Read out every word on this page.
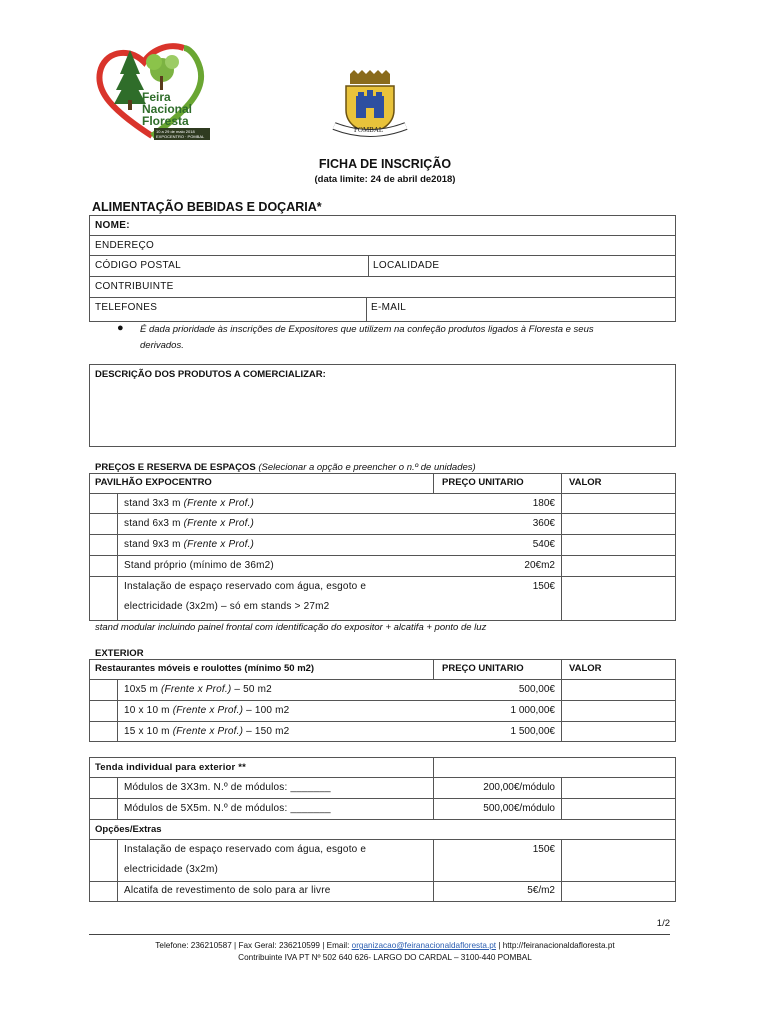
Feira
Nacional
Floresta
10 a 29 de maio 2018
EXPOCENTRO · POMBAL
POMBAL
FICHA DE INSCRIÇÃO
(data limite: 24 de abril de2018)
ALIMENTAÇÃO BEBIDAS E DOÇARIA*
NOME:
ENDEREÇO
CÓDIGO POSTAL	LOCALIDADE
CONTRIBUINTE
TELEFONES	E-MAIL
● É dada prioridade às inscrições de Expositores que utilizem na confeção produtos ligados à Floresta e seus
derivados.
DESCRIÇÃO DOS PRODUTOS A COMERCIALIZAR:
PREÇOS E RESERVA DE ESPAÇOS (Selecionar a opção e preencher o n.º de unidades)
PAVILHÃO EXPOCENTRO	PREÇO UNITARIO	VALOR
stand 3x3 m (Frente x Prof.)	180€
stand 6x3 m (Frente x Prof.)	360€
stand 9x3 m (Frente x Prof.)	540€
Stand próprio (mínimo de 36m2)	20€m2
Instalação de espaço reservado com água, esgoto e
electricidade (3x2m) – só em stands > 27m2
150€
stand modular incluindo painel frontal com identificação do expositor + alcatifa + ponto de luz
EXTERIOR
Restaurantes móveis e roulottes (mínimo 50 m2)	PREÇO UNITARIO	VALOR
10x5 m (Frente x Prof.) – 50 m2	500,00€
10 x 10 m (Frente x Prof.) – 100 m2	1 000,00€
15 x 10 m (Frente x Prof.) – 150 m2	1 500,00€
Tenda individual para exterior **
Módulos de 3X3m. N.º de módulos: _______	200,00€/módulo
Módulos de 5X5m. N.º de módulos: _______	500,00€/módulo
Opções/Extras
Instalação de espaço reservado com água, esgoto e
electricidade (3x2m)
150€
Alcatifa de revestimento de solo para ar livre	5€/m2
1/2
Telefone: 236210587 | Fax Geral: 236210599 | Email: organizacao@feiranacionaldafloresta.pt | http://feiranacionaldafloresta.pt
Contribuinte IVA PT Nº 502 640 626- LARGO DO CARDAL – 3100-440 POMBAL
